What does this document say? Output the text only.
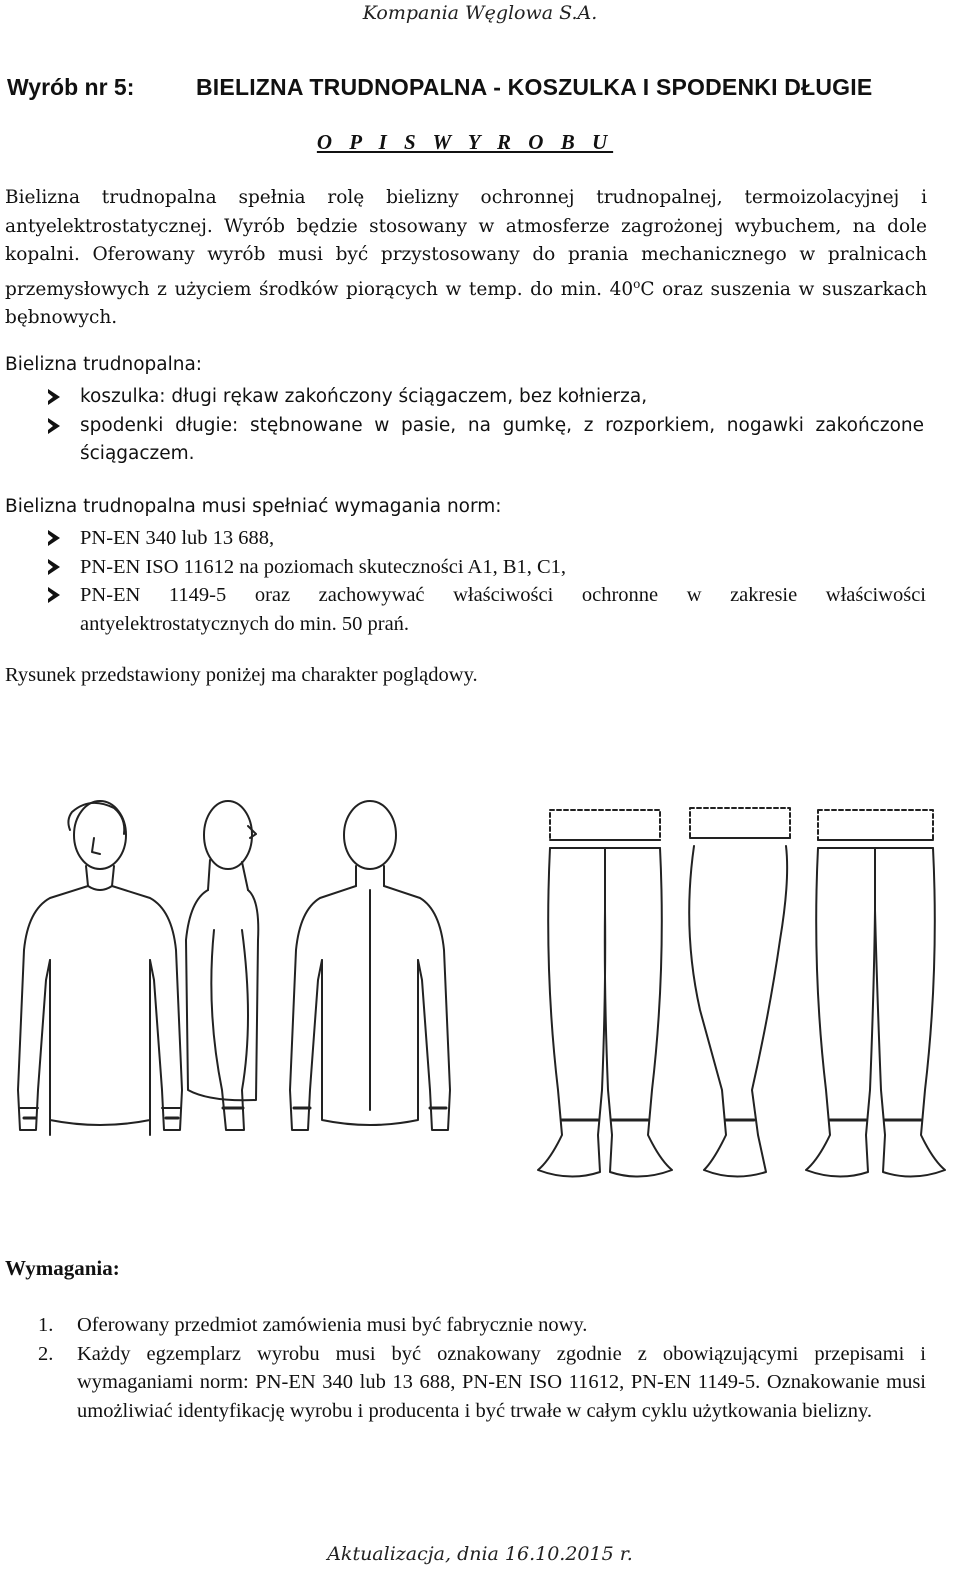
Kompania Węglowa S.A.
Wyrób nr 5:	BIELIZNA TRUDNOPALNA - KOSZULKA I SPODENKI DŁUGIE
O P I S W Y R O B U
Bielizna trudnopalna spełnia rolę bielizny ochronnej trudnopalnej, termoizolacyjnej i antyelektrostatycznej. Wyrób będzie stosowany w atmosferze zagrożonej wybuchem, na dole kopalni. Oferowany wyrób musi być przystosowany do prania mechanicznego w pralnicach przemysłowych z użyciem środków piorących w temp. do min. 40$^o$C oraz suszenia w suszarkach bębnowych.
Bielizna trudnopalna:
koszulka: długi rękaw zakończony ściągaczem, bez kołnierza,
spodenki długie: stębnowane w pasie, na gumkę, z rozporkiem, nogawki zakończone ściągaczem.
Bielizna trudnopalna musi spełniać wymagania norm:
PN-EN 340 lub 13 688,
PN-EN ISO 11612 na poziomach skuteczności A1, B1, C1,
PN-EN 1149-5 oraz zachowywać właściwości ochronne w zakresie właściwości antyelektrostatycznych do min. 50 prań.
Rysunek przedstawiony poniżej ma charakter poglądowy.
Wymagania:
1. Oferowany przedmiot zamówienia musi być fabrycznie nowy.
2. Każdy egzemplarz wyrobu musi być oznakowany zgodnie z obowiązującymi przepisami i wymaganiami norm: PN-EN 340 lub 13 688, PN-EN ISO 11612, PN-EN 1149-5. Oznakowanie musi umożliwiać identyfikację wyrobu i producenta i być trwałe w całym cyklu użytkowania bielizny.
Aktualizacja, dnia 16.10.2015 r.
